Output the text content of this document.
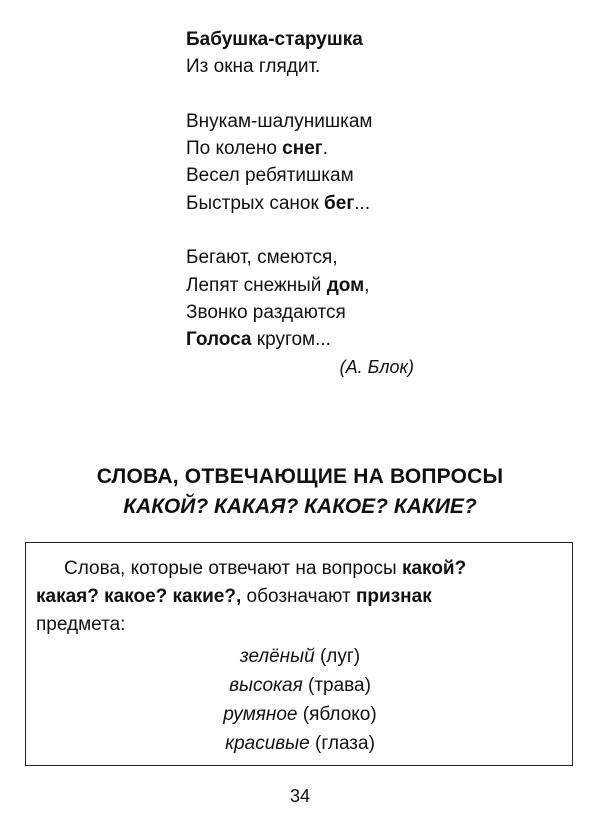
Бабушка-старушка
Из окна глядит.
Внукам-шалунишкам
По колено снег.
Весел ребятишкам
Быстрых санок бег...
Бегают, смеются,
Лепят снежный дом,
Звонко раздаются
Голоса кругом...
(А. Блок)
СЛОВА, ОТВЕЧАЮЩИЕ НА ВОПРОСЫ
КАКОЙ? КАКАЯ? КАКОЕ? КАКИЕ?
Слова, которые отвечают на вопросы какой?
какая? какое? какие?, обозначают признак
предмета:
зелёный (луг)
высокая (трава)
румяное (яблоко)
красивые (глаза)
34
